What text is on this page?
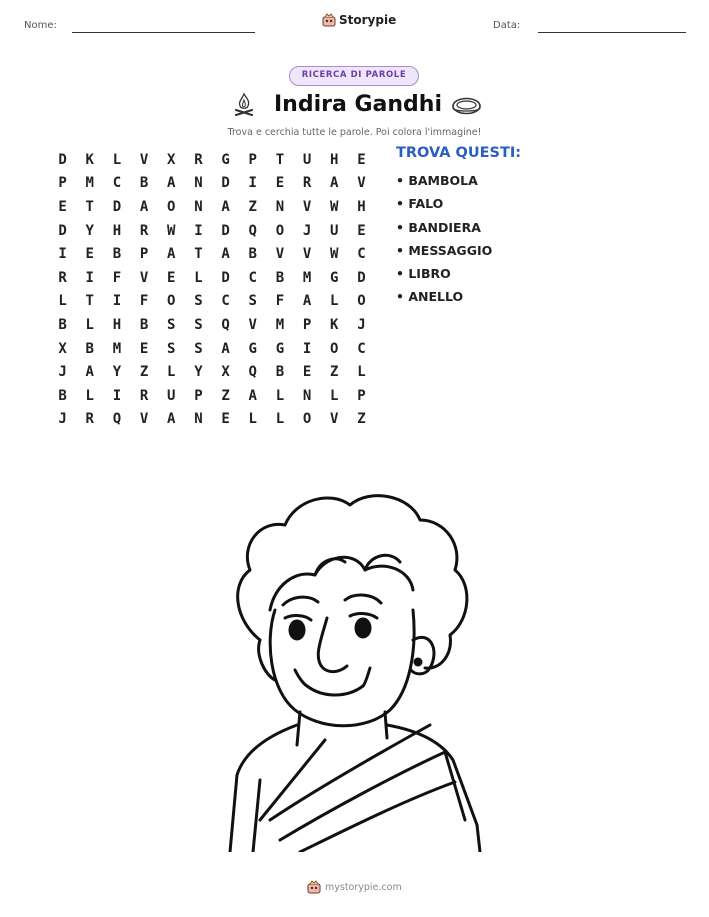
Nome:	Storypie	Data:
RICERCA DI PAROLE
Indira Gandhi
Trova e cerchia tutte le parole. Poi colora l'immagine!
D	K	L	V	X	R	G	P	T	U	H	E
P	M	C	B	A	N	D	I	E	R	A	V
E	T	D	A	O	N	A	Z	N	V	W	H
D	Y	H	R	W	I	D	Q	O	J	U	E
I	E	B	P	A	T	A	B	V	V	W	C
R	I	F	V	E	L	D	C	B	M	G	D
L	T	I	F	O	S	C	S	F	A	L	O
B	L	H	B	S	S	Q	V	M	P	K	J
X	B	M	E	S	S	A	G	G	I	O	C
J	A	Y	Z	L	Y	X	Q	B	E	Z	L
B	L	I	R	U	P	Z	A	L	N	L	P
J	R	Q	V	A	N	E	L	L	O	V	Z
TROVA QUESTI:
• BAMBOLA
• FALO
• BANDIERA
• MESSAGGIO
• LIBRO
• ANELLO
mystorypie.com
